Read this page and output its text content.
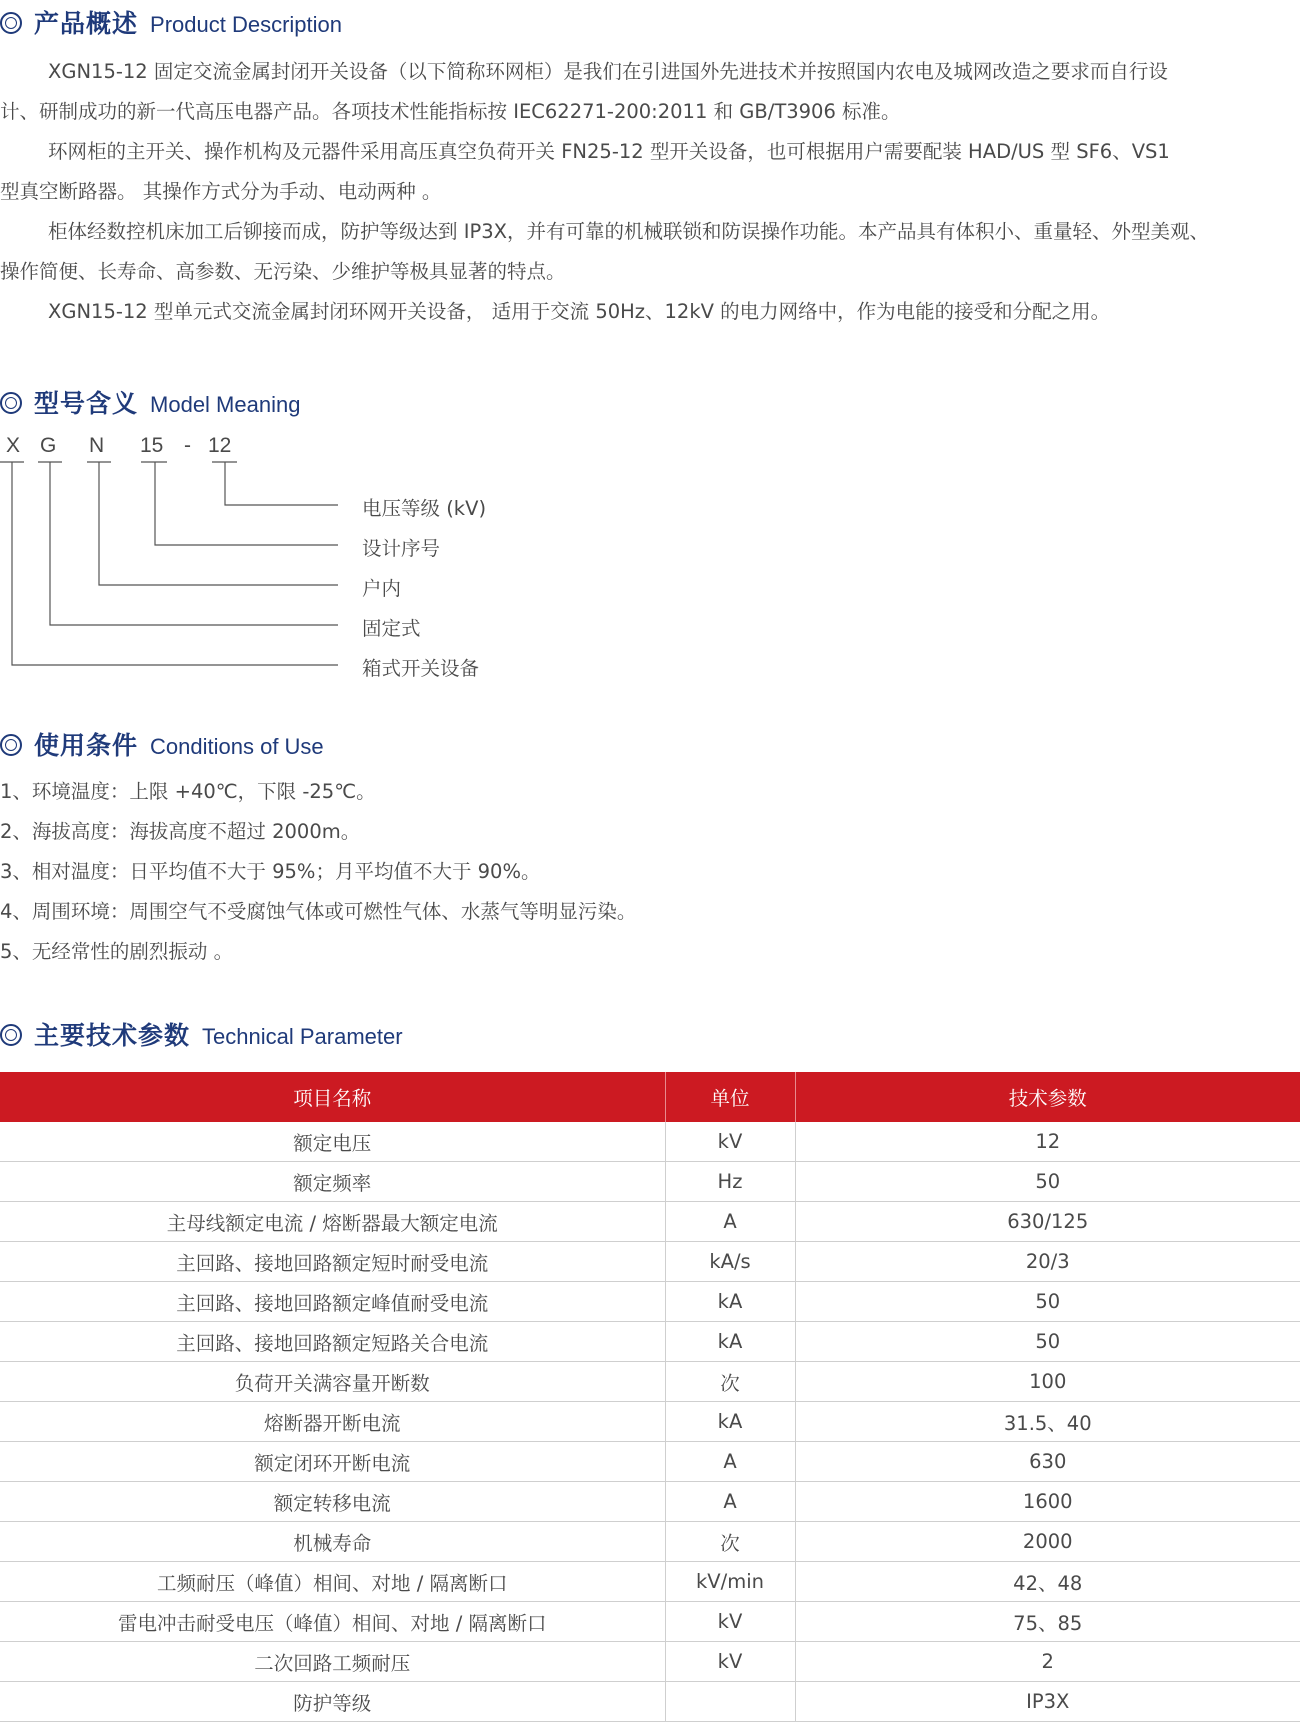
产品概述 Product Description
XGN15-12 固定交流金属封闭开关设备（以下简称环网柜）是我们在引进国外先进技术并按照国内农电及城网改造之要求而自行设
计、研制成功的新一代高压电器产品。各项技术性能指标按 IEC62271-200:2011 和 GB/T3906 标准。
环网柜的主开关、操作机构及元器件采用高压真空负荷开关 FN25-12 型开关设备，也可根据用户需要配装 HAD/US 型 SF6、VS1
型真空断路器。 其操作方式分为手动、电动两种 。
柜体经数控机床加工后铆接而成，防护等级达到 IP3X，并有可靠的机械联锁和防误操作功能。本产品具有体积小、重量轻、外型美观、
操作简便、长寿命、高参数、无污染、少维护等极具显著的特点。
XGN15-12 型单元式交流金属封闭环网开关设备， 适用于交流 50Hz、12kV 的电力网络中，作为电能的接受和分配之用。
型号含义 Model Meaning
X G N 15 - 12
电压等级 (kV)
设计序号
户内
固定式
箱式开关设备
使用条件 Conditions of Use
1、环境温度：上限 +40℃，下限 -25℃。
2、海拔高度：海拔高度不超过 2000m。
3、相对温度：日平均值不大于 95%；月平均值不大于 90%。
4、周围环境：周围空气不受腐蚀气体或可燃性气体、水蒸气等明显污染。
5、无经常性的剧烈振动 。
主要技术参数 Technical Parameter
项目名称	单位	技术参数
额定电压	kV	12
额定频率	Hz	50
主母线额定电流 / 熔断器最大额定电流	A	630/125
主回路、接地回路额定短时耐受电流	kA/s	20/3
主回路、接地回路额定峰值耐受电流	kA	50
主回路、接地回路额定短路关合电流	kA	50
负荷开关满容量开断数	次	100
熔断器开断电流	kA	31.5、40
额定闭环开断电流	A	630
额定转移电流	A	1600
机械寿命	次	2000
工频耐压（峰值）相间、对地 / 隔离断口	kV/min	42、48
雷电冲击耐受电压（峰值）相间、对地 / 隔离断口	kV	75、85
二次回路工频耐压	kV	2
防护等级		IP3X
